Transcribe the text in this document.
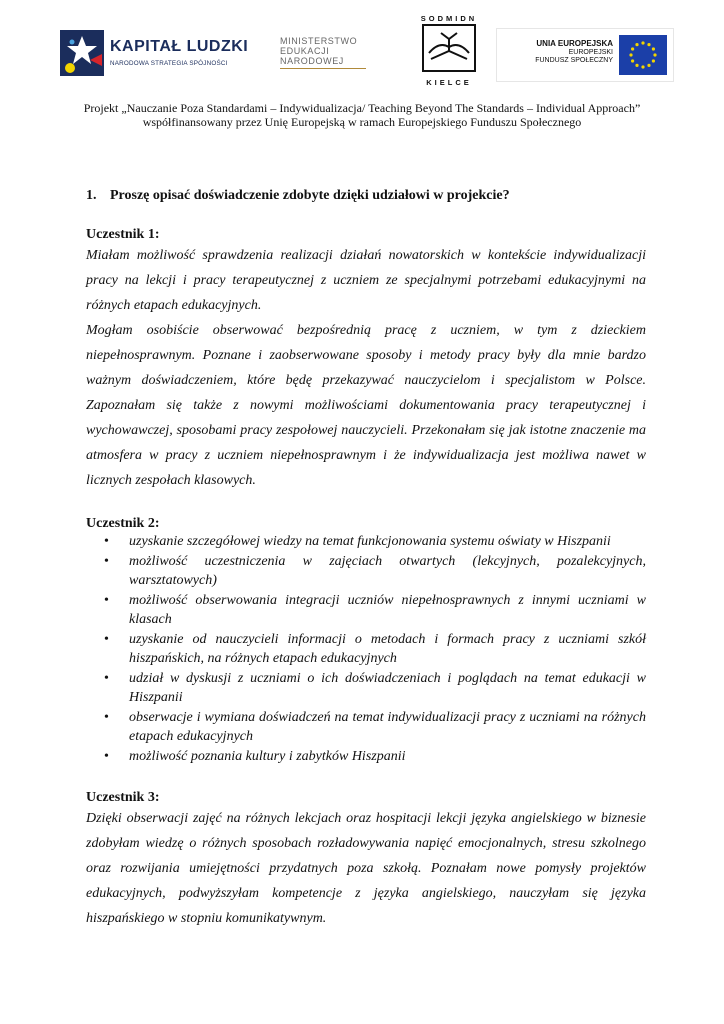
KAPITAŁ LUDZKI
NARODOWA STRATEGIA SPÓJNOŚCI
MINISTERSTWO
EDUKACJI
NARODOWEJ
SODMIDN
KIELCE
UNIA EUROPEJSKA
EUROPEJSKI
FUNDUSZ SPOŁECZNY
Projekt „Nauczanie Poza Standardami – Indywidualizacja/ Teaching Beyond The Standards – Individual Approach”
współfinansowany przez Unię Europejską w ramach Europejskiego Funduszu Społecznego

1. Proszę opisać doświadczenie zdobyte dzięki udziałowi w projekcie?

Uczestnik 1:

Miałam możliwość sprawdzenia realizacji działań nowatorskich w kontekście indywidualizacji pracy na lekcji i pracy terapeutycznej z uczniem ze specjalnymi potrzebami edukacyjnymi na różnych etapach edukacyjnych.

Mogłam osobiście obserwować bezpośrednią pracę z uczniem, w tym z dzieckiem niepełnosprawnym. Poznane i zaobserwowane sposoby i metody pracy były dla mnie bardzo ważnym doświadczeniem, które będę przekazywać nauczycielom i specjalistom w Polsce. Zapoznałam się także z nowymi możliwościami dokumentowania pracy terapeutycznej i wychowawczej, sposobami pracy zespołowej nauczycieli. Przekonałam się jak istotne znaczenie ma atmosfera w pracy z uczniem niepełnosprawnym i że indywidualizacja jest możliwa nawet w licznych zespołach klasowych.

Uczestnik 2:

• uzyskanie szczegółowej wiedzy na temat funkcjonowania systemu oświaty w Hiszpanii
• możliwość uczestniczenia w zajęciach otwartych (lekcyjnych, pozalekcyjnych, warsztatowych)
• możliwość obserwowania integracji uczniów niepełnosprawnych z innymi uczniami w klasach
• uzyskanie od nauczycieli informacji o metodach i formach pracy z uczniami szkół hiszpańskich, na różnych etapach edukacyjnych
• udział w dyskusji z uczniami o ich doświadczeniach i poglądach na temat edukacji w Hiszpanii
• obserwacje i wymiana doświadczeń na temat indywidualizacji pracy z uczniami na różnych etapach edukacyjnych
• możliwość poznania kultury i zabytków Hiszpanii

Uczestnik 3:

Dzięki obserwacji zajęć na różnych lekcjach oraz hospitacji lekcji języka angielskiego w biznesie zdobyłam wiedzę o różnych sposobach rozładowywania napięć emocjonalnych, stresu szkolnego oraz rozwijania umiejętności przydatnych poza szkołą. Poznałam nowe pomysły projektów edukacyjnych, podwyższyłam kompetencje z języka angielskiego, nauczyłam się języka hiszpańskiego w stopniu komunikatywnym.
